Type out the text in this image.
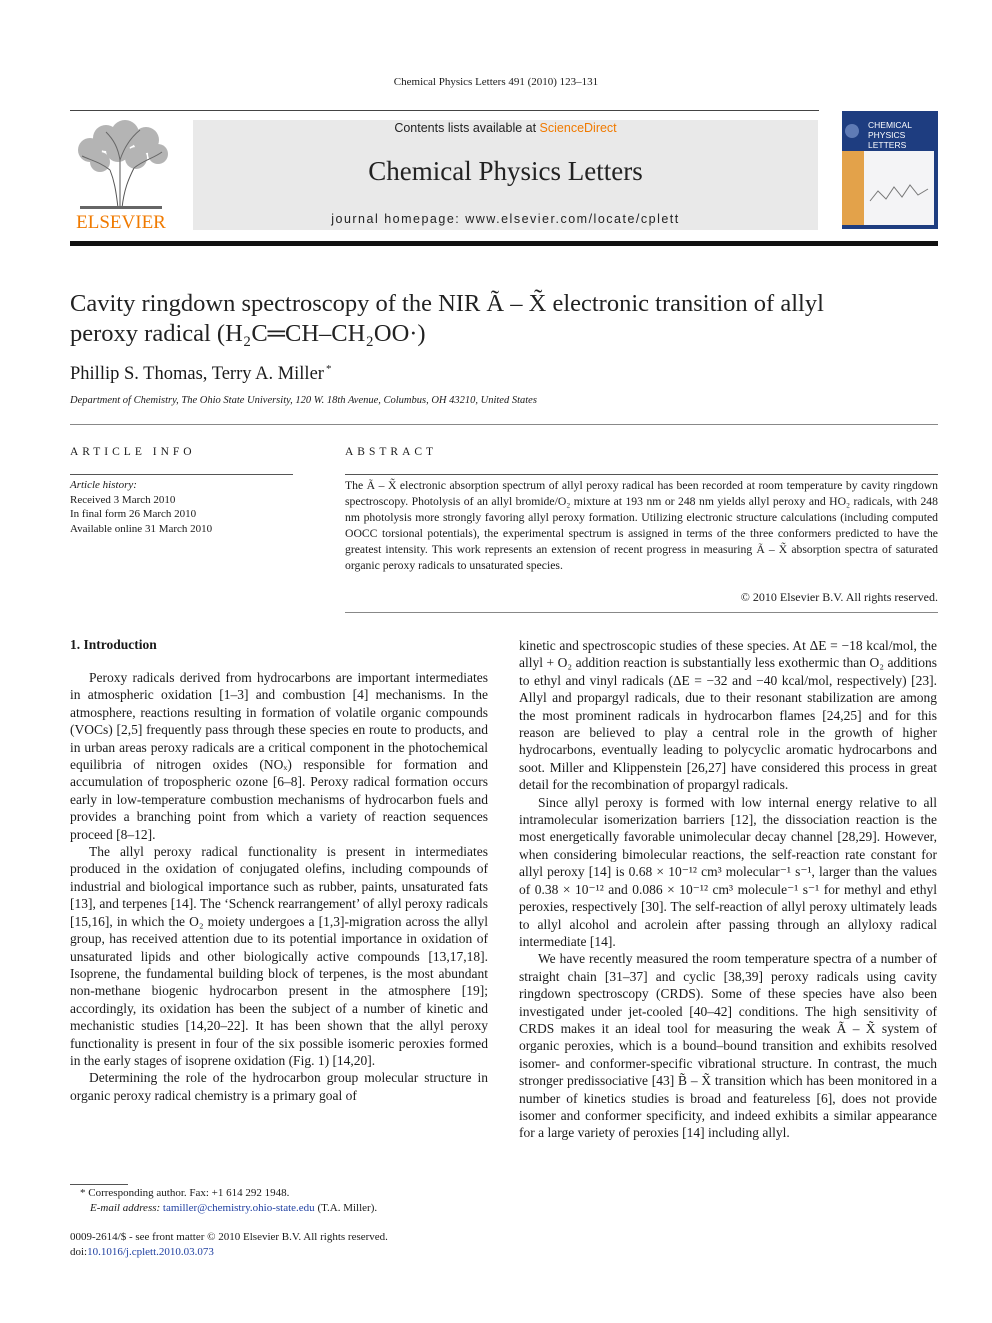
Chemical Physics Letters 491 (2010) 123–131
ELSEVIER
Contents lists available at ScienceDirect
Chemical Physics Letters
journal homepage: www.elsevier.com/locate/cplett
CHEMICAL
PHYSICS
LETTERS
Cavity ringdown spectroscopy of the NIR Ã – X̃ electronic transition of allyl
peroxy radical (H₂C═CH–CH₂OO·)
Phillip S. Thomas, Terry A. Miller *
Department of Chemistry, The Ohio State University, 120 W. 18th Avenue, Columbus, OH 43210, United States
ARTICLE INFO
Article history:
Received 3 March 2010
In final form 26 March 2010
Available online 31 March 2010
ABSTRACT
The Ã – X̃ electronic absorption spectrum of allyl peroxy radical has been recorded at room temperature by cavity ringdown spectroscopy. Photolysis of an allyl bromide/O₂ mixture at 193 nm or 248 nm yields allyl peroxy and HO₂ radicals, with 248 nm photolysis more strongly favoring allyl peroxy formation. Utilizing electronic structure calculations (including computed OOCC torsional potentials), the experimental spectrum is assigned in terms of the three conformers predicted to have the greatest intensity. This work represents an extension of recent progress in measuring Ã – X̃ absorption spectra of saturated organic peroxy radicals to unsaturated species.
© 2010 Elsevier B.V. All rights reserved.
1. Introduction

Peroxy radicals derived from hydrocarbons are important intermediates in atmospheric oxidation [1–3] and combustion [4] mechanisms. In the atmosphere, reactions resulting in formation of volatile organic compounds (VOCs) [2,5] frequently pass through these species en route to products, and in urban areas peroxy radicals are a critical component in the photochemical equilibria of nitrogen oxides (NOₓ) responsible for formation and accumulation of tropospheric ozone [6–8]. Peroxy radical formation occurs early in low-temperature combustion mechanisms of hydrocarbon fuels and provides a branching point from which a variety of reaction sequences proceed [8–12].

The allyl peroxy radical functionality is present in intermediates produced in the oxidation of conjugated olefins, including compounds of industrial and biological importance such as rubber, paints, unsaturated fats [13], and terpenes [14]. The ‘Schenck rearrangement’ of allyl peroxy radicals [15,16], in which the O₂ moiety undergoes a [1,3]-migration across the allyl group, has received attention due to its potential importance in oxidation of unsaturated lipids and other biologically active compounds [13,17,18]. Isoprene, the fundamental building block of terpenes, is the most abundant non-methane biogenic hydrocarbon present in the atmosphere [19]; accordingly, its oxidation has been the subject of a number of kinetic and mechanistic studies [14,20–22]. It has been shown that the allyl peroxy functionality is present in four of the six possible isomeric peroxies formed in the early stages of isoprene oxidation (Fig. 1) [14,20].

Determining the role of the hydrocarbon group molecular structure in organic peroxy radical chemistry is a primary goal of

kinetic and spectroscopic studies of these species. At ΔE = −18 kcal/mol, the allyl + O₂ addition reaction is substantially less exothermic than O₂ additions to ethyl and vinyl radicals (ΔE = −32 and −40 kcal/mol, respectively) [23]. Allyl and propargyl radicals, due to their resonant stabilization are among the most prominent radicals in hydrocarbon flames [24,25] and for this reason are believed to play a central role in the growth of higher hydrocarbons, eventually leading to polycyclic aromatic hydrocarbons and soot. Miller and Klippenstein [26,27] have considered this process in great detail for the recombination of propargyl radicals.

Since allyl peroxy is formed with low internal energy relative to all intramolecular isomerization barriers [12], the dissociation reaction is the most energetically favorable unimolecular decay channel [28,29]. However, when considering bimolecular reactions, the self-reaction rate constant for allyl peroxy [14] is 0.68 × 10⁻¹² cm³ molecular⁻¹ s⁻¹, larger than the values of 0.38 × 10⁻¹² and 0.086 × 10⁻¹² cm³ molecule⁻¹ s⁻¹ for methyl and ethyl peroxies, respectively [30]. The self-reaction of allyl peroxy ultimately leads to allyl alcohol and acrolein after passing through an allyloxy radical intermediate [14].

We have recently measured the room temperature spectra of a number of straight chain [31–37] and cyclic [38,39] peroxy radicals using cavity ringdown spectroscopy (CRDS). Some of these species have also been investigated under jet-cooled [40–42] conditions. The high sensitivity of CRDS makes it an ideal tool for measuring the weak Ã – X̃ system of organic peroxies, which is a bound–bound transition and exhibits resolved isomer- and conformer-specific vibrational structure. In contrast, the much stronger predissociative [43] B̃ – X̃ transition which has been monitored in a number of kinetics studies is broad and featureless [6], does not provide isomer and conformer specificity, and indeed exhibits a similar appearance for a large variety of peroxies [14] including allyl.

* Corresponding author. Fax: +1 614 292 1948.
E-mail address: tamiller@chemistry.ohio-state.edu (T.A. Miller).
0009-2614/$ - see front matter © 2010 Elsevier B.V. All rights reserved.
doi:10.1016/j.cplett.2010.03.073
